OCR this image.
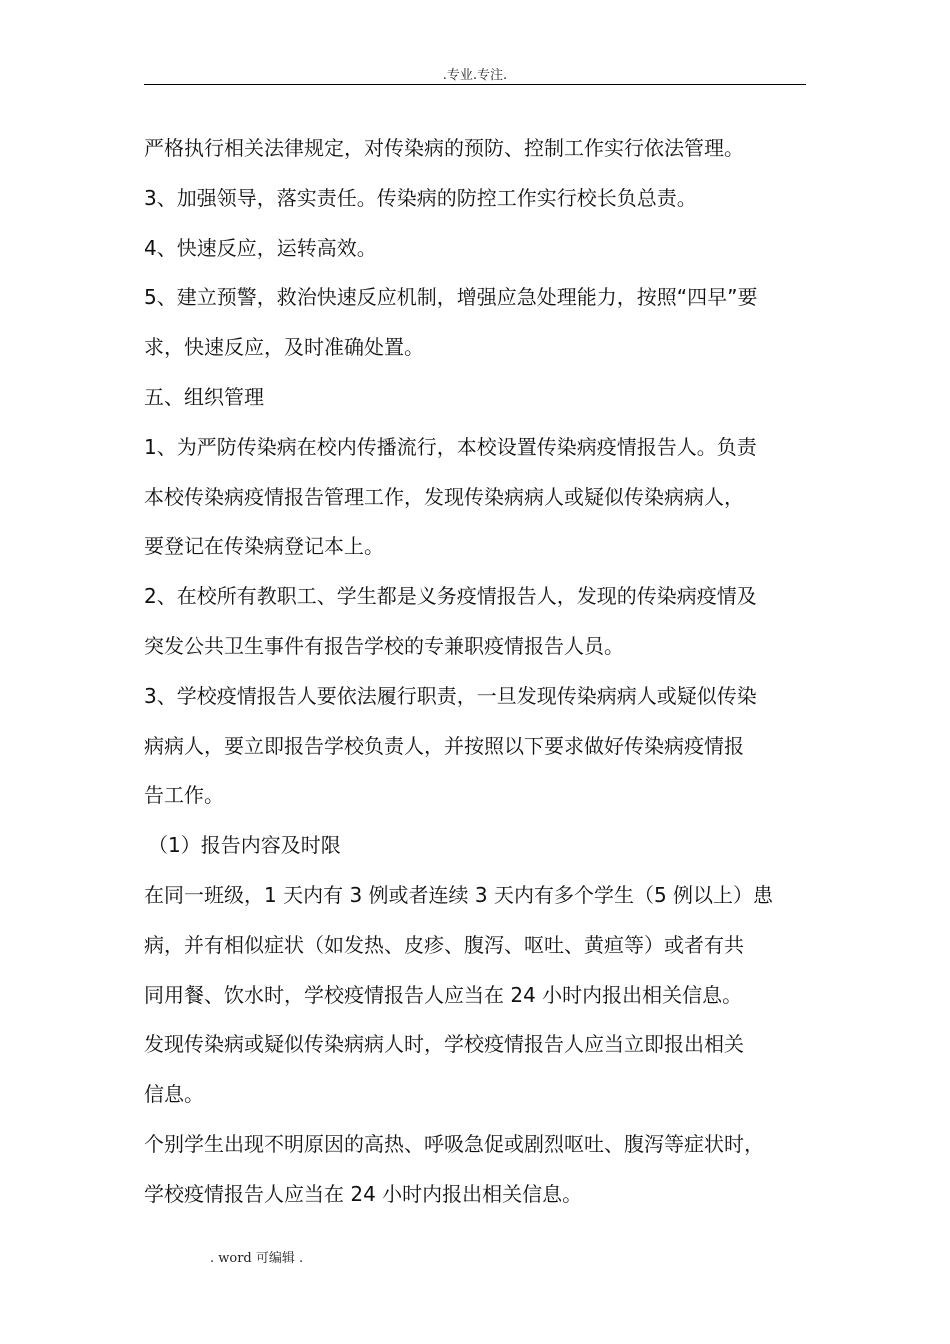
.专业.专注.
严格执行相关法律规定，对传染病的预防、控制工作实行依法管理。
3、加强领导，落实责任。传染病的防控工作实行校长负总责。
4、快速反应，运转高效。
5、建立预警，救治快速反应机制，增强应急处理能力，按照“四早”要
求，快速反应，及时准确处置。
五、组织管理
1、为严防传染病在校内传播流行，本校设置传染病疫情报告人。负责
本校传染病疫情报告管理工作，发现传染病病人或疑似传染病病人，
要登记在传染病登记本上。
2、在校所有教职工、学生都是义务疫情报告人，发现的传染病疫情及
突发公共卫生事件有报告学校的专兼职疫情报告人员。
3、学校疫情报告人要依法履行职责，一旦发现传染病病人或疑似传染
病病人，要立即报告学校负责人，并按照以下要求做好传染病疫情报
告工作。
（1）报告内容及时限
在同一班级，1 天内有 3 例或者连续 3 天内有多个学生（5 例以上）患
病，并有相似症状（如发热、皮疹、腹泻、呕吐、黄疸等）或者有共
同用餐、饮水时，学校疫情报告人应当在 24 小时内报出相关信息。
发现传染病或疑似传染病病人时，学校疫情报告人应当立即报出相关
信息。
个别学生出现不明原因的高热、呼吸急促或剧烈呕吐、腹泻等症状时，
学校疫情报告人应当在 24 小时内报出相关信息。
. word 可编辑 .
